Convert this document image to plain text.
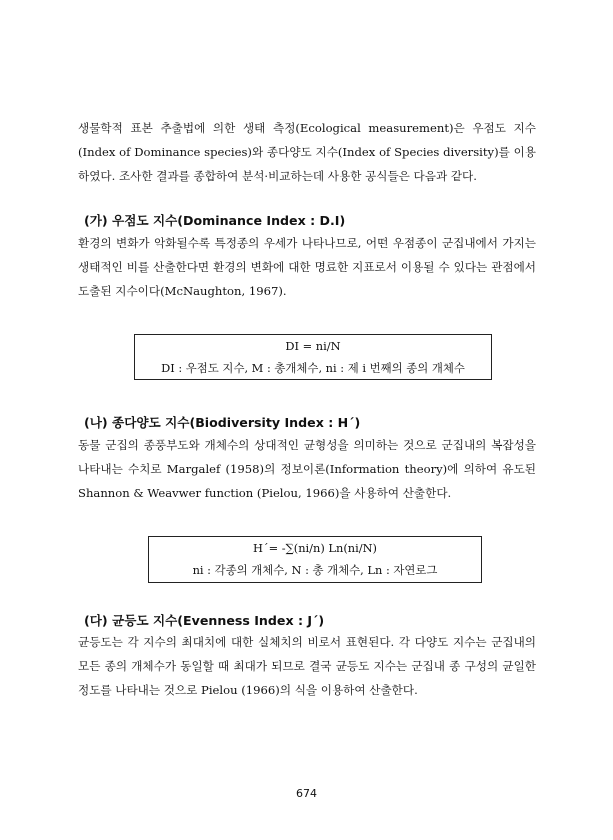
생물학적 표본 추출법에 의한 생태 측정(Ecological measurement)은 우점도 지수(Index of Dominance species)와 종다양도 지수(Index of Species diversity)를 이용하였다. 조사한 결과를 종합하여 분석·비교하는데 사용한 공식들은 다음과 같다.

(가) 우점도 지수(Dominance Index : D.I)

환경의 변화가 악화될수록 특정종의 우세가 나타나므로, 어떤 우점종이 군집내에서 가지는 생태적인 비를 산출한다면 환경의 변화에 대한 명료한 지표로서 이용될 수 있다는 관점에서 도출된 지수이다(McNaughton, 1967).

DI = ni/N
DI : 우점도 지수, M : 총개체수, ni : 제 i 번째의 종의 개체수
(나) 종다양도 지수(Biodiversity Index : H´)

동물 군집의 종풍부도와 개체수의 상대적인 균형성을 의미하는 것으로 군집내의 복잡성을 나타내는 수치로 Margalef (1958)의 정보이론(Information theory)에 의하여 유도된 Shannon & Weavwer function (Pielou, 1966)을 사용하여 산출한다.

H´= -∑(ni/n) Ln(ni/N)
ni : 각종의 개체수, N : 총 개체수, Ln : 자연로그
(다) 균등도 지수(Evenness Index : J´)

균등도는 각 지수의 최대치에 대한 실체치의 비로서 표현된다. 각 다양도 지수는 군집내의 모든 종의 개체수가 동일할 때 최대가 되므로 결국 균등도 지수는 군집내 종 구성의 균일한 정도를 나타내는 것으로 Pielou (1966)의 식을 이용하여 산출한다.

674
